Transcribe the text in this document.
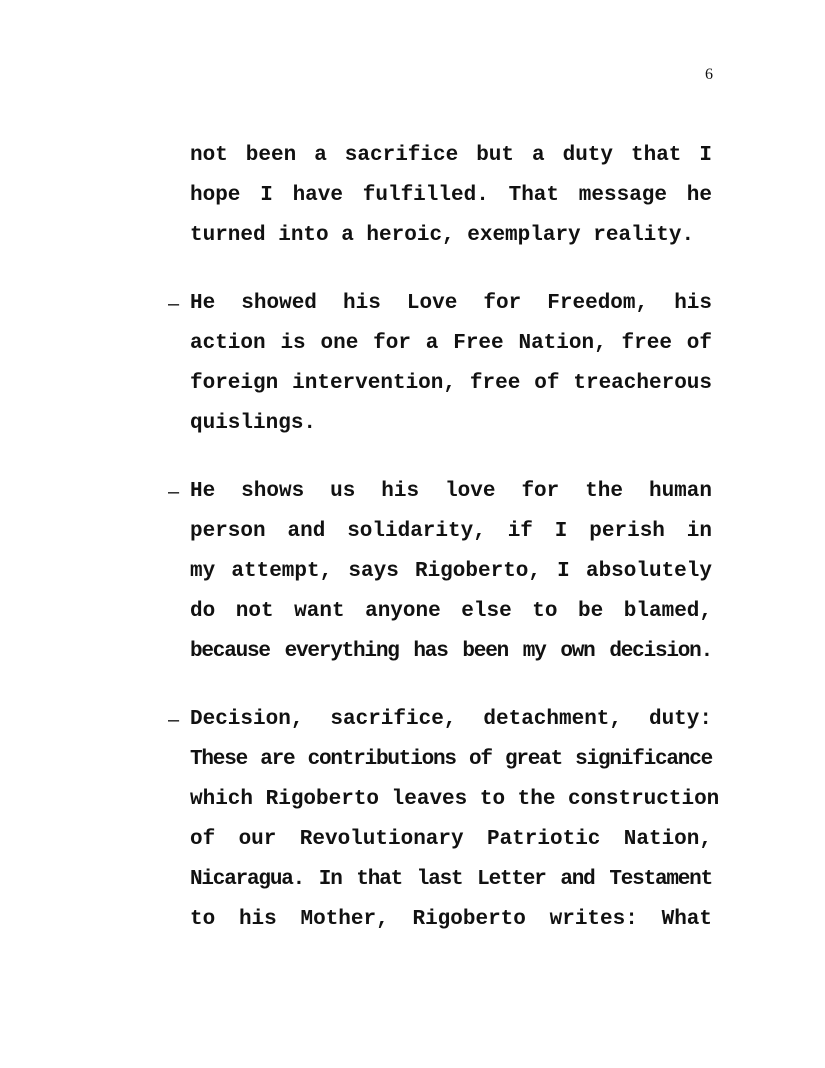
6
not been a sacrifice but a duty that I
hope I have fulfilled. That message he
turned into a heroic, exemplary reality.
– He showed his Love for Freedom, his
action is one for a Free Nation, free of
foreign intervention, free of treacherous
quislings.
– He shows us his love for the human
person and solidarity, if I perish in
my attempt, says Rigoberto, I absolutely
do not want anyone else to be blamed,
because everything has been my own decision.
– Decision, sacrifice, detachment, duty:
These are contributions of great significance
which Rigoberto leaves to the construction
of our Revolutionary Patriotic Nation,
Nicaragua. In that last Letter and Testament
to his Mother, Rigoberto writes: What
